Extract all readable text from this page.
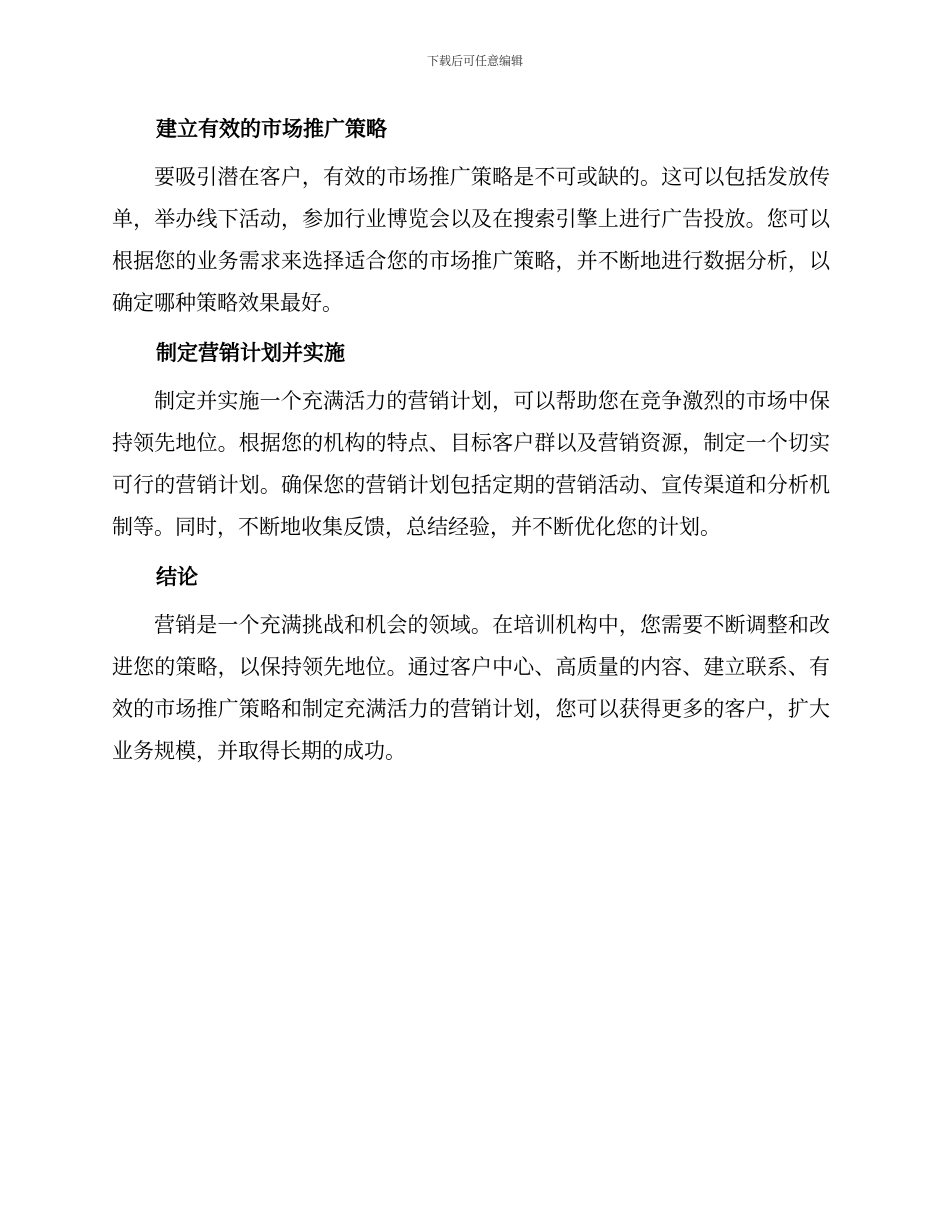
下载后可任意编辑
建立有效的市场推广策略

要吸引潜在客户，有效的市场推广策略是不可或缺的。这可以包括发放传单，举办线下活动，参加行业博览会以及在搜索引擎上进行广告投放。您可以根据您的业务需求来选择适合您的市场推广策略，并不断地进行数据分析，以确定哪种策略效果最好。

制定营销计划并实施

制定并实施一个充满活力的营销计划，可以帮助您在竞争激烈的市场中保持领先地位。根据您的机构的特点、目标客户群以及营销资源，制定一个切实可行的营销计划。确保您的营销计划包括定期的营销活动、宣传渠道和分析机制等。同时，不断地收集反馈，总结经验，并不断优化您的计划。

结论

营销是一个充满挑战和机会的领域。在培训机构中，您需要不断调整和改进您的策略，以保持领先地位。通过客户中心、高质量的内容、建立联系、有效的市场推广策略和制定充满活力的营销计划，您可以获得更多的客户，扩大业务规模，并取得长期的成功。
